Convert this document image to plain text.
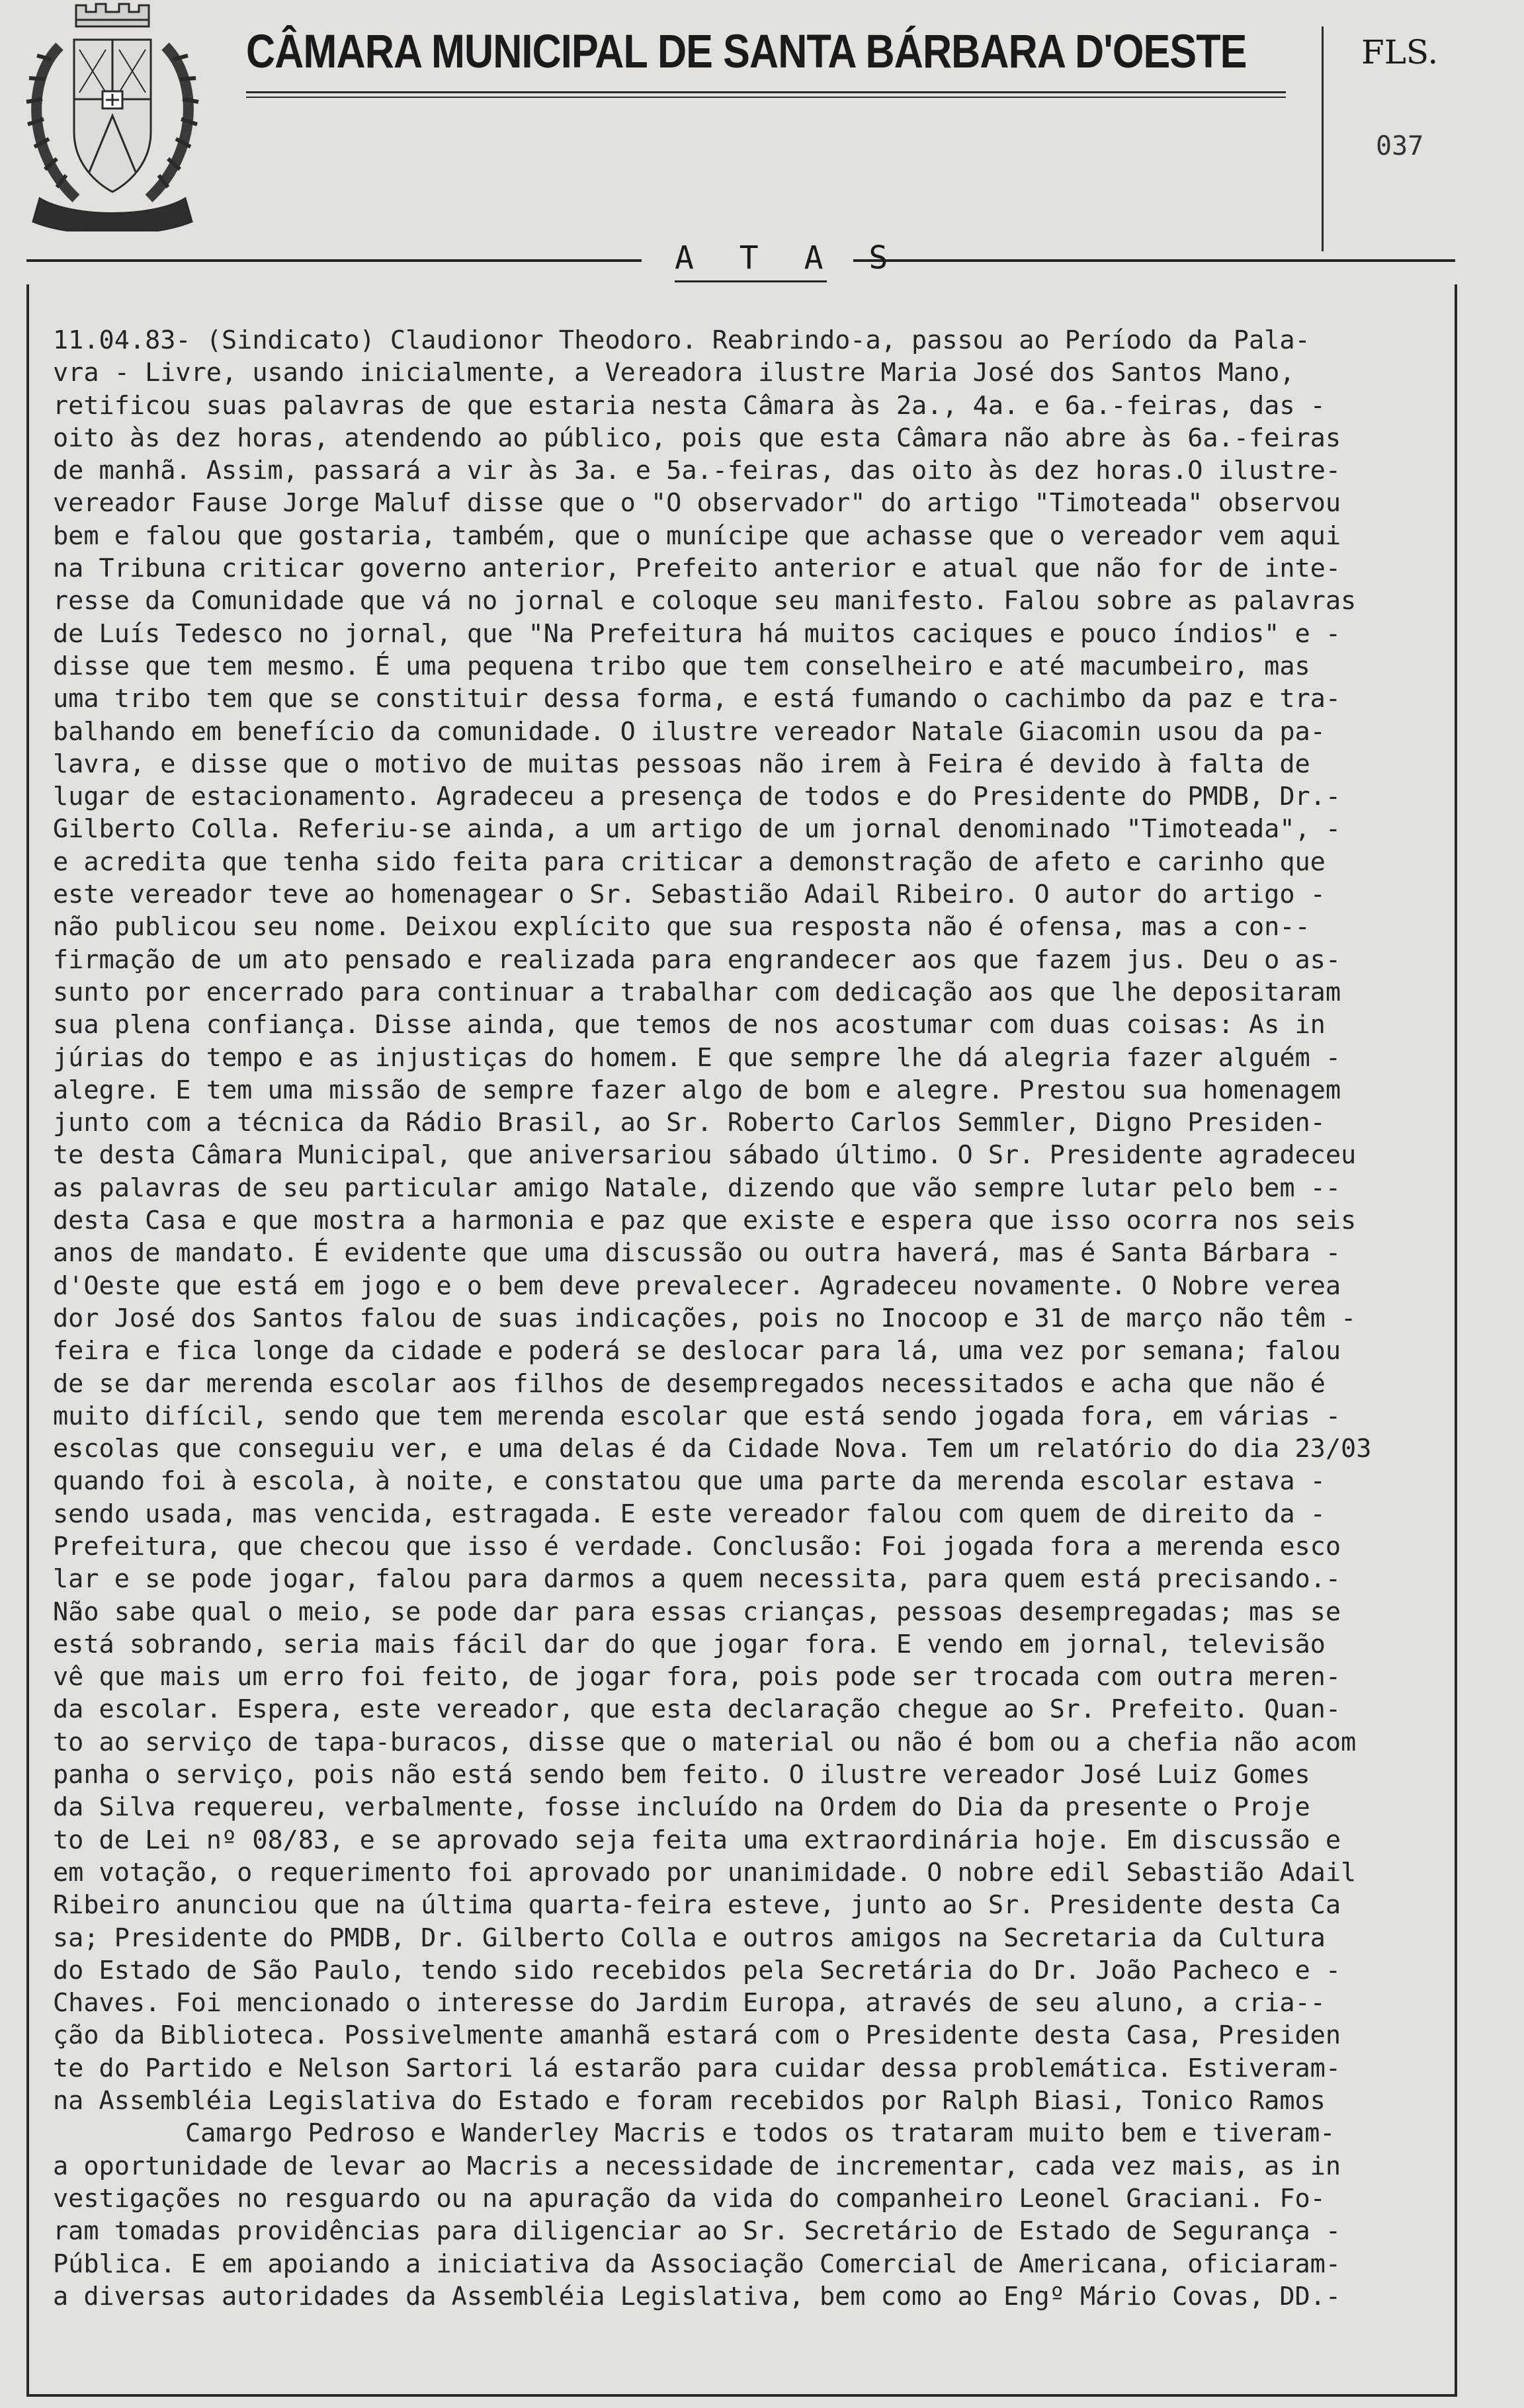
CÂMARA MUNICIPAL DE SANTA BÁRBARA D'OESTE	FLS.
037
A T A S
11.04.83- (Sindicato) Claudionor Theodoro. Reabrindo-a, passou ao Período da Pala-
vra - Livre, usando inicialmente, a Vereadora ilustre Maria José dos Santos Mano,
retificou suas palavras de que estaria nesta Câmara às 2a., 4a. e 6a.-feiras, das -
oito às dez horas, atendendo ao público, pois que esta Câmara não abre às 6a.-feiras
de manhã. Assim, passará a vir às 3a. e 5a.-feiras, das oito às dez horas.O ilustre-
vereador Fause Jorge Maluf disse que o "O observador" do artigo "Timoteada" observou
bem e falou que gostaria, também, que o munícipe que achasse que o vereador vem aqui
na Tribuna criticar governo anterior, Prefeito anterior e atual que não for de inte-
resse da Comunidade que vá no jornal e coloque seu manifesto. Falou sobre as palavras
de Luís Tedesco no jornal, que "Na Prefeitura há muitos caciques e pouco índios" e -
disse que tem mesmo. É uma pequena tribo que tem conselheiro e até macumbeiro, mas
uma tribo tem que se constituir dessa forma, e está fumando o cachimbo da paz e tra-
balhando em benefício da comunidade. O ilustre vereador Natale Giacomin usou da pa-
lavra, e disse que o motivo de muitas pessoas não irem à Feira é devido à falta de
lugar de estacionamento. Agradeceu a presença de todos e do Presidente do PMDB, Dr.-
Gilberto Colla. Referiu-se ainda, a um artigo de um jornal denominado "Timoteada", -
e acredita que tenha sido feita para criticar a demonstração de afeto e carinho que
este vereador teve ao homenagear o Sr. Sebastião Adail Ribeiro. O autor do artigo -
não publicou seu nome. Deixou explícito que sua resposta não é ofensa, mas a con--
firmação de um ato pensado e realizada para engrandecer aos que fazem jus. Deu o as-
sunto por encerrado para continuar a trabalhar com dedicação aos que lhe depositaram
sua plena confiança. Disse ainda, que temos de nos acostumar com duas coisas: As in
júrias do tempo e as injustiças do homem. E que sempre lhe dá alegria fazer alguém -
alegre. E tem uma missão de sempre fazer algo de bom e alegre. Prestou sua homenagem
junto com a técnica da Rádio Brasil, ao Sr. Roberto Carlos Semmler, Digno Presiden-
te desta Câmara Municipal, que aniversariou sábado último. O Sr. Presidente agradeceu
as palavras de seu particular amigo Natale, dizendo que vão sempre lutar pelo bem --
desta Casa e que mostra a harmonia e paz que existe e espera que isso ocorra nos seis
anos de mandato. É evidente que uma discussão ou outra haverá, mas é Santa Bárbara -
d'Oeste que está em jogo e o bem deve prevalecer. Agradeceu novamente. O Nobre verea
dor José dos Santos falou de suas indicações, pois no Inocoop e 31 de março não têm -
feira e fica longe da cidade e poderá se deslocar para lá, uma vez por semana; falou
de se dar merenda escolar aos filhos de desempregados necessitados e acha que não é
muito difícil, sendo que tem merenda escolar que está sendo jogada fora, em várias -
escolas que conseguiu ver, e uma delas é da Cidade Nova. Tem um relatório do dia 23/03
quando foi à escola, à noite, e constatou que uma parte da merenda escolar estava -
sendo usada, mas vencida, estragada. E este vereador falou com quem de direito da -
Prefeitura, que checou que isso é verdade. Conclusão: Foi jogada fora a merenda esco
lar e se pode jogar, falou para darmos a quem necessita, para quem está precisando.-
Não sabe qual o meio, se pode dar para essas crianças, pessoas desempregadas; mas se
está sobrando, seria mais fácil dar do que jogar fora. E vendo em jornal, televisão
vê que mais um erro foi feito, de jogar fora, pois pode ser trocada com outra meren-
da escolar. Espera, este vereador, que esta declaração chegue ao Sr. Prefeito. Quan-
to ao serviço de tapa-buracos, disse que o material ou não é bom ou a chefia não acom
panha o serviço, pois não está sendo bem feito. O ilustre vereador José Luiz Gomes
da Silva requereu, verbalmente, fosse incluído na Ordem do Dia da presente o Proje
to de Lei nº 08/83, e se aprovado seja feita uma extraordinária hoje. Em discussão e
em votação, o requerimento foi aprovado por unanimidade. O nobre edil Sebastião Adail
Ribeiro anunciou que na última quarta-feira esteve, junto ao Sr. Presidente desta Ca
sa; Presidente do PMDB, Dr. Gilberto Colla e outros amigos na Secretaria da Cultura
do Estado de São Paulo, tendo sido recebidos pela Secretária do Dr. João Pacheco e -
Chaves. Foi mencionado o interesse do Jardim Europa, através de seu aluno, a cria--
ção da Biblioteca. Possivelmente amanhã estará com o Presidente desta Casa, Presiden
te do Partido e Nelson Sartori lá estarão para cuidar dessa problemática. Estiveram-
na Assembléia Legislativa do Estado e foram recebidos por Ralph Biasi, Tonico Ramos
Camargo Pedroso e Wanderley Macris e todos os trataram muito bem e tiveram-
a oportunidade de levar ao Macris a necessidade de incrementar, cada vez mais, as in
vestigações no resguardo ou na apuração da vida do companheiro Leonel Graciani. Fo-
ram tomadas providências para diligenciar ao Sr. Secretário de Estado de Segurança -
Pública. E em apoiando a iniciativa da Associação Comercial de Americana, oficiaram-
a diversas autoridades da Assembléia Legislativa, bem como ao Engº Mário Covas, DD.-
